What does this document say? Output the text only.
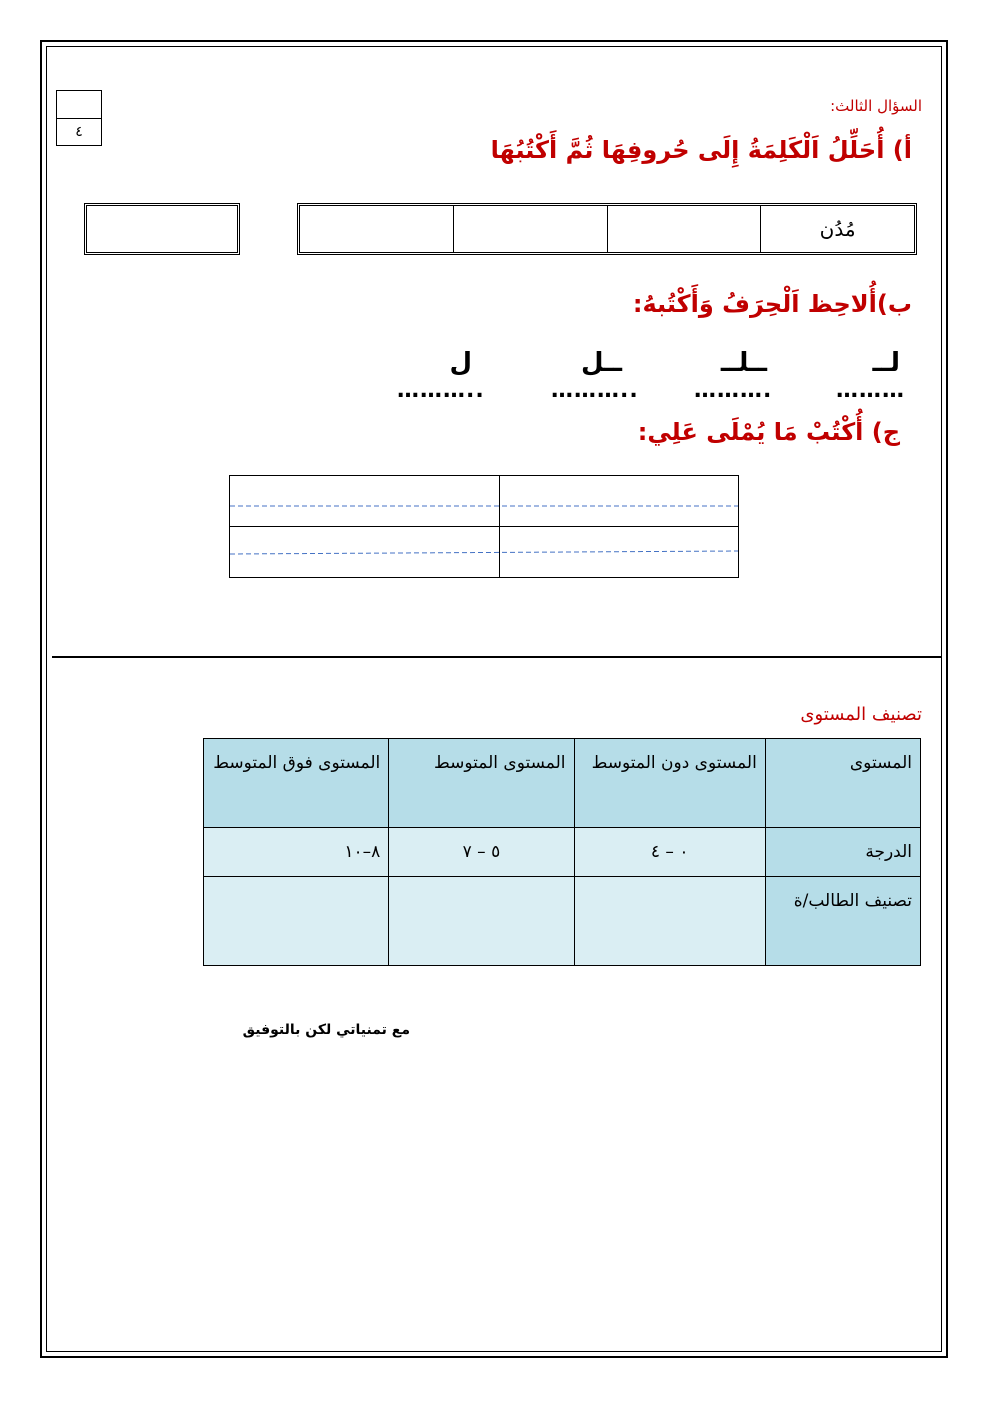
٤
السؤال الثالث:
أ) أُحَلِّلُ اَلْكَلِمَةُ إِلَى حُروفِهَا ثُمَّ أَكْتُبُهَا
مُدُن
ب)أُلاحِظ اَلْحِرَفُ وَأَكْتُبهُ:
لــ
ــلــ
ــل
ل
………
……….
………..
………..
ج) أُكْتُبْ مَا يُمْلَى عَلِي:
تصنيف المستوى
المستوى	المستوى دون المتوسط	المستوى المتوسط	المستوى فوق المتوسط
الدرجة	٠ – ٤	٥ – ٧	٨–١٠
تصنيف الطالب/ة			
مع تمنياتي لكن بالتوفيق
